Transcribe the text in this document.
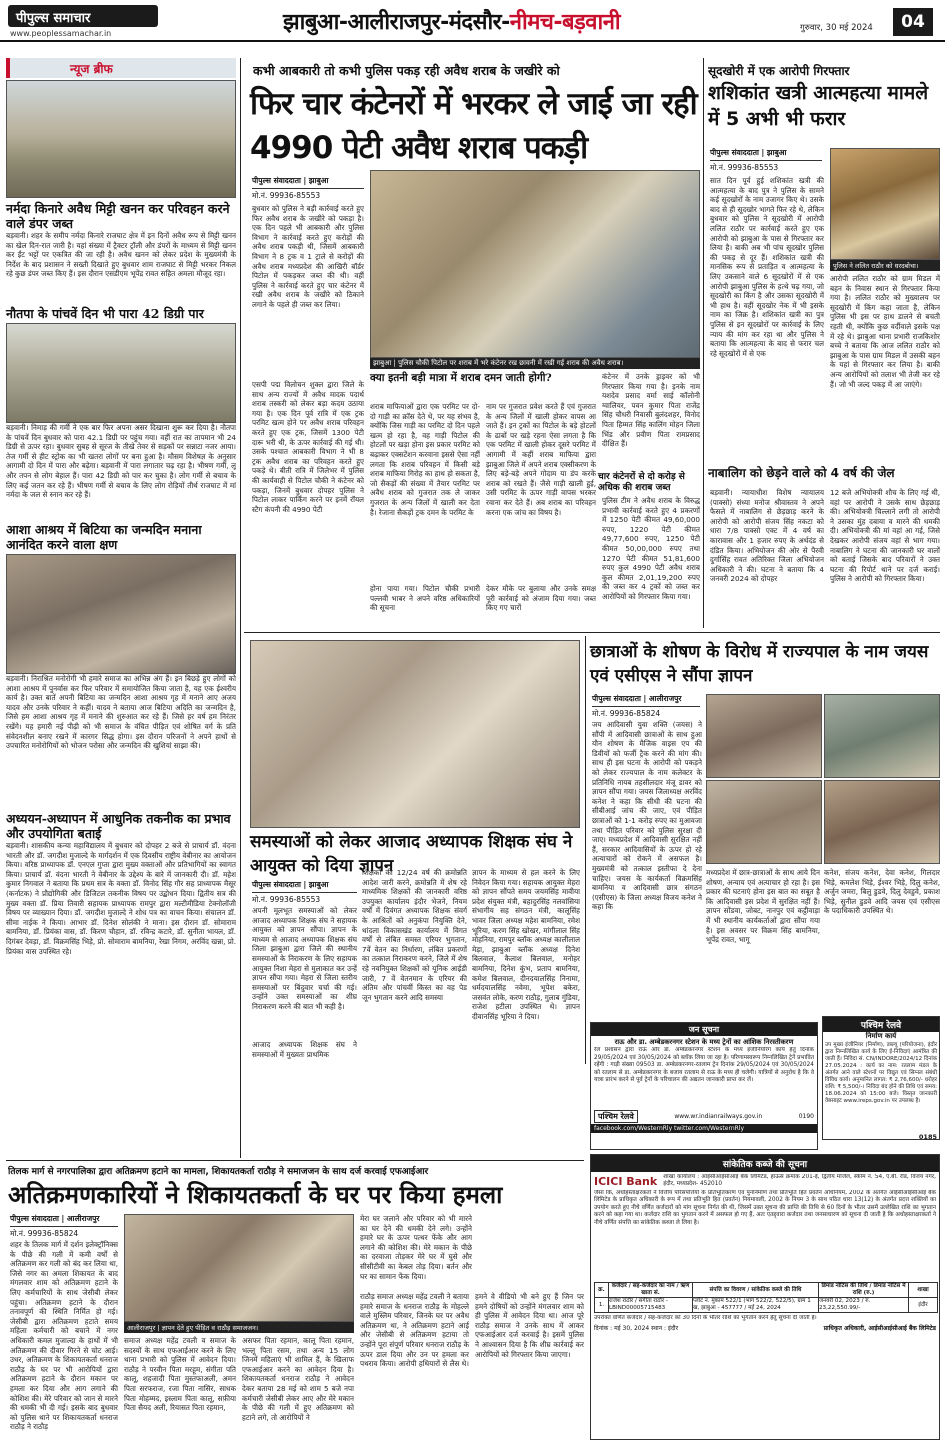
पीपुल्स समाचार
www.peoplessamachar.in	झाबुआ-आलीराजपुर-मंदसौर-नीमच-बड़वानी	गुरुवार, 30 मई 2024	04
न्यूज ब्रीफ
नर्मदा किनारे अवैध मिट्टी खनन कर परिवहन करने वाले डंपर जब्त
बड़वानी। शहर के समीप नर्मदा किनारे राजघाट क्षेत्र में इन दिनों अवैध रूप से मिट्टी खनन का खेल दिन-रात जारी है। यहां संख्या में ट्रैक्टर ट्रॉली और डंपरों के माध्यम से मिट्टी खनन कर ईंट भट्टों पर एकत्रित की जा रही है। अवैध खनन को लेकर प्रदेश के मुख्यमंत्री के निर्देश के बाद प्रशासन ने सख्ती दिखाते हुए बुधवार शाम राजघाट से मिट्टी भरकर निकल रहे कुछ डंपर जब्त किए हैं। इस दौरान एसडीएम भूपेंद्र रावत सहित अमला मौजूद रहा।
नौतपा के पांचवें दिन भी पारा 42 डिग्री पार
बड़वानी। निमाड़ की गर्मी ने एक बार फिर अपना असर दिखाना शुरू कर दिया है। नौतपा के पांचवें दिन बुधवार को पारा 42.1 डिग्री पर पहुंच गया। वहीं रात का तापमान भी 24 डिग्री से ऊपर रहा। बुधवार सुबह से सूरज के तीखे तेवर से सड़कों पर सन्नाटा नजर आया। तेज गर्मी से हीट स्ट्रोक का भी खतरा लोगों पर बना हुआ है। मौसम विशेषज्ञ के अनुसार आगामी दो दिन में पारा और बढ़ेगा। बड़वानी में पारा लगातार चढ़ रहा है। भीषण गर्मी, लू और तपन से लोग बेहाल हैं। पारा 42 डिग्री को पार कर चुका है। लोग गर्मी से बचाव के लिए कई जतन कर रहे हैं। भीषण गर्मी से बचाव के लिए लोग रोड़ियों तीर्थ राजघाट में मां नर्मदा के जल से स्नान कर रहे हैं।
आशा आश्रय में बिटिया का जन्मदिन मनाना आनंदित करने वाला क्षण
बड़वानी। निराश्रित मनोरोगी भी हमारे समाज का अभिन्न अंग हैं। इन बिछड़े हुए लोगों को आशा आश्रय में पुनर्वास कर फिर परिवार में समायोजित किया जाता है, यह एक ईश्वरीय कार्य है। उक्त बातें अपनी बिटिया का जन्मदिन आशा आश्रय गृह में मनाने आए अजय यादव और उनके परिवार ने कहीं। यादव ने बताया आज बिटिया अदिति का जन्मदिन है, जिसे हम आशा आश्रय गृह में मनाने की शुरुआत कर रहे हैं। जिसे हर वर्ष हम निरंतर रखेंगे। यह हमारी नई पीढ़ी को भी समाज के वंचित पीड़ित एवं शोषित वर्ग के प्रति संवेदनशील बनाए रखने में कारगर सिद्ध होगा। इस दौरान परिजनों ने अपने हाथों से उपचारित मनोरोगियों को भोजन परोसा और जन्मदिन की खुशियां साझा की।
अध्ययन-अध्यापन में आधुनिक तकनीक का प्रभाव और उपयोगिता बताई
बड़वानी। शासकीय कन्या महाविद्यालय में बुधवार को दोपहर 2 बजे से प्राचार्य डॉ. वंदना भारती और डॉ. जगदीश मुजाल्दे के मार्गदर्शन में एक दिवसीय राष्ट्रीय वेबीनार का आयोजन किया। वरिष्ठ प्राध्यापक डॉ. एनएल गुप्ता द्वारा मुख्य वक्ताओं और प्रतिभागियों का स्वागत किया। प्राचार्य डॉ. वंदना भारती ने वेबीनार के उद्देश्य के बारे में जानकारी दी। डॉ. महेश कुमार निगवाल ने बताया कि प्रथम सत्र के वक्ता डॉ. विनोद सिंह गौर सह प्राध्यापक मैसूर (कर्नाटक) ने प्रौद्योगिकी और डिजिटल तकनीक विषय पर उद्बोधन दिया। द्वितीय सत्र की मुख्य वक्ता डॉ. प्रिया तिवारी सहायक प्राध्यापक रामपुर द्वारा मल्टीमीडिया टेक्नोलॉजी विषय पर व्याख्यान दिया। डॉ. जगदीश मुजाल्दे ने शोध पत्र का वाचन किया। संचालन डॉ. सीमा नाईक ने किया। आभार डॉ. दिनेश सोलंकी ने माना। इस दौरान डॉ. सोमाराम बामनिया, डॉ. प्रियंका वास, डॉ. किरण चौहान, डॉ. रविन्द्र कटारे, डॉ. सुनीता भायल, डॉ. दिगंबर देवड़ा, डॉ. विक्रमसिंह भिड़े, प्रो. सोमाराम बामनिया, रेखा निगम, अरविंद खन्ना, प्रो. प्रियंका वास उपस्थित रहे।
कभी आबकारी तो कभी पुलिस पकड़ रही अवैध शराब के जखीरे को
फिर चार कंटेनरों में भरकर ले जाई जा रही 4990 पेटी अवैध शराब पकड़ी
पीपुल्स संवाददाता | झाबुआ
मो.नं. 99936-85553
बुधवार को पुलिस ने बड़ी कार्रवाई करते हुए फिर अवैध शराब के जखीरे को पकड़ा है। एक दिन पहले भी आबकारी और पुलिस विभाग ने कार्रवाई करते हुए करोड़ों की अवैध शराब पकड़ी थी, जिसमें आबकारी विभाग ने 8 ट्रक व 1 ट्राले से करोड़ों की अवैध शराब मध्यप्रदेश की आखिरी बॉर्डर पिटोल में पकड़कर जब्त की थी। वहीं पुलिस ने कार्रवाई करते हुए चार कंटेनर में रखी अवैध शराब के जखीरे को ठिकाने लगाने के पहले ही जब्त कर लिया।
झाबुआ | पुलिस चौकी पिटोल पर शराब में भरे कंटेनर रख छावनी में रखी गई शराब की अवैध शराब।
एसपी पद्म विलोचन शुक्ल द्वारा जिले के साथ अन्य राज्यों में अवैध मादक पदार्थ शराब तस्करी को लेकर बड़ा कदम उठाया गया है। एक दिन पूर्व रात्रि में एक ट्रक परमिट खत्म होने पर अवैध शराब परिवहन करते हुए एक ट्रक, जिसमें 1300 पेटी दारू भरी थी, के ऊपर कार्रवाई की गई थी। उसके पश्चात आबकारी विभाग ने भी 8 ट्रक अवैध शराब का परिवहन करते हुए पकड़े थे। बीती रात्रि में जिलेभर में पुलिस की कार्यवाही से पिटोल चौकी ने कंटेनर को पकड़ा, जिनमें बुधवार दोपहर पुलिस ने पिटोल लाकर पार्किंग करने पर इनमें रॉयल स्टैग कंपनी की 4990 पेटी
क्या इतनी बड़ी मात्रा में शराब दमन जाती होगी?
शराब माफियाओं द्वारा एक परमिट पर दो-दो गाड़ी का क्रॉस देते थे, पर यह संभव है, क्योंकि जिस गाड़ी का परमिट दो दिन पहले खत्म हो रहा है, वह गाड़ी पिटोल की होटलों पर खड़ा होना इस प्रकार परमिट को बढ़ाकर एक्सटेंशन करवाना इससे ऐसा नहीं लगता कि शराब परिवहन में किसी बड़े शराब माफिया गिरोह का हाथ हो सकता है, जो सैकड़ों की संख्या में तैयार परमिट पर अवैध शराब को गुजरात तक ले जाकर गुजरात के अन्य जिलों में खाली कर देता है। रेजाना सैकड़ों ट्रक दमन के परमिट के
नाम पर गुजरात प्रवेश करते हैं एवं गुजरात के अन्य जिलों में खाली होकर वापस आ जाते हैं। इन ट्रकों का पिटोल के बड़े होटलों के ढाबों पर खड़े रहना ऐसा लगता है कि एक परमिट में खाली होकर दूसरे परमिट में आगामी में कहीं शराब माफिया द्वारा झाबुआ जिले में अपने शराब एक्सीकरण के लिए बड़े-बड़े अपने गोदाम या डंप करके शराब को रखते हैं। जैसे गाड़ी खाली हुई, उसी परमिट के ऊपर गाड़ी वापस भरकर रवाना कर देते हैं। अब शराब का परिवहन करना एक जांच का विषय है।
होना पाया गया। पिटोल चौकी प्रभारी पल्लवी भाबर ने अपने वरिष्ठ अधिकारियों की सूचना
देकर मौके पर बुलाया और उनके समक्ष पूरी कार्रवाई को अंजाम दिया गया। जब्त किए गए चारों
कंटेनर में उनके ड्राइवर को भी गिरफ्तार किया गया है। इनके नाम यशदेव प्रसाद वर्मा साई कॉलोनी ग्वालियर, पवन कुमार पिता राजेंद्र सिंह चौधरी निवासी बुलंदशहर, विनोद पिता हिम्मत सिंह कालिंग मोहन जिला भिंड और प्रवीण पिता रामप्रसाद दीक्षित हैं।
चार कंटेनरों से दो करोड़ से अधिक की शराब जब्त
पुलिस टीम ने अवैध शराब के विरुद्ध प्रभावी कार्रवाई करते हुए 4 प्रकरणों में 1250 पेटी कीमत 49,60,000 रुपए, 1220 पेटी कीमत 49,77,600 रुपए, 1250 पेटी कीमत 50,00,000 रुपए तथा 1270 पेटी कीमत 51,81,600 रुपए कुल 4990 पेटी अवैध शराब कुल कीमत 2,01,19,200 रुपए की जब्त कर 4 ट्रकों को जब्त कर आरोपियों को गिरफ्तार किया गया।
सूदखोरी में एक आरोपी गिरफ्तार
शशिकांत खत्री आत्महत्या मामले में 5 अभी भी फरार
पीपुल्स संवाददाता | झाबुआ
मो.नं. 99936-85553
सात दिन पूर्व हुई शशिकांत खत्री की आत्महत्या के बाद पुत्र ने पुलिस के सामने कई सूदखोरों के नाम उजागर किए थे। उसके बाद से ही सूदखोर भागते फिर रहे थे, लेकिन बुधवार को पुलिस ने सूदखोरी में आरोपी ललित राठौर पर कार्रवाई करते हुए एक आरोपी को झाबुआ के पास से गिरफ्तार कर लिया है। बाकी अब भी पांच सूदखोर पुलिस की पकड़ से दूर हैं। शशिकांत खत्री की मानसिक रूप से प्रताड़ित व आत्महत्या के लिए उकसाने वाले 6 सूदखोरों में से एक आरोपी झाबुआ पुलिस के हत्थे चढ़ गया, जो सूदखोरी का किंग है और उसका सूदखोरी में भी हाथ है। वहीं सूदखोर नेक में भी इसके नाम का जिक्र है। शशिकांत खत्री का पुत्र पुलिस से इन सूदखोरों पर कार्रवाई के लिए न्याय की मांग कर रहा था और पुलिस ने बताया कि आत्महत्या के बाद से फरार चल रहे सूदखोरों में से एक
पुलिस ने ललित राठौर को धरदबोचा।
आरोपी ललित राठौर को ग्राम मिडल में बहन के निवास स्थान से गिरफ्तार किया गया है। ललित राठौर को मुख्यालय पर सूदखोरी में किंग कहा जाता है, लेकिन पुलिस भी इस पर हाथ डालने से बचती रहती थी, क्योंकि कुछ वर्दीवाले इसके पक्ष में रहे थे। झाबुआ थाना प्रभारी राजकिशोर बच्चे ने बताया कि आज ललित राठौर को झाबुआ के पास ग्राम मिडल में उसकी बहन के यहां से गिरफ्तार कर लिया है। बाकी अन्य आरोपियों को तलाश भी तेजी कर रहे हैं। जो भी जल्द पकड़ में आ जाएंगे।
नाबालिग को छेड़ने वाले को 4 वर्ष की जेल
बड़वानी। न्यायाधीश विशेष न्यायालय (पाक्सो) संध्या मनोज श्रीवास्तव ने अपने फैसले में नाबालिग से छेड़छाड़ करने के आरोपी को आरोपी संजय सिंह नकटा को धारा 7/8 पाक्सो एक्ट में 4 वर्ष का कारावास और 1 हजार रुपए के अर्थदंड से दंडित किया। अभियोजन की ओर से पैरवी दुर्गासिंह रावत अतिरिक्त जिला अभियोजन अधिकारी ने की। घटना ने बताया कि 4 जनवरी 2024 को दोपहर
12 बजे अभियोक्त्री शौच के लिए गई थी, वहां पर आरोपी ने उसके साथ छेड़छाड़ की। अभियोक्त्री चिल्लाने लगी तो आरोपी ने उसका मुंह दबाया व मारने की धमकी दी। अभियोक्त्री की मां वहां आ गई, जिसे देखकर आरोपी संजय वहां से भाग गया। नाबालिग ने घटना की जानकारी घर वालों को बताई जिसके बाद परिवारों ने उक्त घटना की रिपोर्ट थाने पर दर्ज कराई। पुलिस ने आरोपी को गिरफ्तार किया।
समस्याओं को लेकर आजाद अध्यापक शिक्षक संघ ने आयुक्त को दिया ज्ञापन
पीपुल्स संवाददाता | झाबुआ
मो.नं. 99936-85553
अपनी मूलभूत समस्याओं को लेकर आजाद अध्यापक शिक्षक संघ ने सहायक आयुक्त को ज्ञापन सौंपा। ज्ञापन के माध्यम से आजाद अध्यापक शिक्षक संघ जिला झाबुआ द्वारा जिले की स्थानीय समस्याओं के निराकरण के लिए सहायक आयुक्त निशा मेहरा से मुलाकात कर उन्हें ज्ञापन सौंपा गया। मेहरा से जिला स्तरीय समस्याओं पर बिंदुवार चर्चा की गई। उन्होंने उक्त समस्याओं का शीघ्र निराकरण करने की बात भी कही है।
आजाद अध्यापक शिक्षक संघ ने समस्याओं में मुख्यतः प्राथमिक
शिक्षकों की 12/24 वर्ष की क्रमोन्नति आदेश जारी करने, क्रमोन्नति में शेष रहे माध्यमिक शिक्षकों की जानकारी वरिष्ठ उपयुक्त कार्यालय इंदौर भेजने, नियम वर्षों में दिवंगत अध्यापक शिक्षक संवर्ग के आश्रितों को अनुकंपा नियुक्ति देने, थांदला विकासखंड कार्यालय में विगत वर्षों से लंबित समस्त एरियर भुगतान, 7वें वेतन का निर्धारण, लंबित प्रकरणों का तत्काल निराकरण करने, जिले में शेष रहे नवनियुक्त शिक्षकों को यूनिक आईडी जारी, 7 वें वेतनमान के एरियर की अंतिम और पांचवीं किस्त का वह पेड जून भुगतान करने आदि समस्या
ज्ञापन के माध्यम से हल करने के लिए निवेदन किया गया। सहायक आयुक्त मेहरा को ज्ञापन सौंपते समय जयमसिंह मावीया प्रदेश संयुक्त मंत्री, बहादुरसिंह नलवांसिया संभागीय सह संगठन मंत्री, कालूसिंह भावर जिला अध्यक्ष महेश बामनिया, रमेश भूरिया, करण सिंह खोखर, मांगीलाल सिंह मोहनिया, रामपुर ब्लॉक अध्यक्ष कालीलाल मेड़ा, झाबुआ ब्लॉक अध्यक्ष दिनेश बिलवाल, कैलाश बिलवाल, मनोहर बामनिया, दिनेश कुंभ, प्रताप बामनिया, कमेश बिलवाल, दीनदयालसिंह निनामा, धर्मदयालसिंह नवेमा, भूपेश बकेरा, जसवंत लोके, करण राठौड़, गुलाब गुंडिया, राजेश हटीला उपस्थित थे। ज्ञापन दीवानसिंह भूरिया ने दिया।
छात्राओं के शोषण के विरोध में राज्यपाल के नाम जयस एवं एसीएस ने सौंपा ज्ञापन
पीपुल्स संवाददाता | आलीराजपुर
मो.नं. 99936-85824
जय आदिवासी युवा शक्ति (जयस) ने सौंपी में आदिवासी छात्राओं के साथ हुआ यौन शोषण के मैजिक वाइस एप की डिवीयों को फर्जी ट्रैक करने की मांग की। साथ ही इस घटना के आरोपी को पकड़ने को लेकर राज्यपाल के नाम कलेक्टर के प्रतिनिधि नायब तहसीलदार मंजू डावर को ज्ञापन सौंपा गया। जयस जिलाध्यक्ष अरविंद कनेश ने कहा कि सीधी की घटना की सीबीआई जांच की जाए, एवं पीड़ित छात्राओं को 1-1 करोड़ रुपए का मुआवजा तथा पीड़ित परिवार को पुलिस सुरक्षा दी जाए। मध्यप्रदेश में आदिवासी सुरक्षित नहीं हैं, सरकार आदिवासियों के ऊपर हो रहे अत्याचारों को रोकने में असफल है। मुख्यमंत्री को तत्काल इस्तीफा दे देना चाहिए। जयस के कार्यकर्ता विक्रमसिंह बामनिया व आदिवासी छात्र संगठन (एसीएस) के जिला अध्यक्ष विजय कनेश ने कहा कि
मध्यप्रदेश में छात्र-छात्राओं के साथ आये दिन शोषण, अन्याय एवं अत्याचार हो रहा है। इस प्रकार की घटनाएं होना इस बात का सबूत है कि आदिवासी इस प्रदेश में सुरक्षित नहीं हैं। ज्ञापन सोंडवा, जोबट, नानपुर एवं कट्ठीवाड़ा में भी स्थानीय कार्यकर्ताओं द्वारा सौंपा गया है। इस अवसर पर विक्रम सिंह बामनिया, भूपेंद्र रावत, भागू
कनेश, संजय कनेश, देवा कनेश, गिलदार भिड़े, कमलेश भिड़े, ईश्वर भिड़े, दिलु कनेश, अर्जुन जमरा, बिलु डुडवे, दिलु देवडुवे, प्रकाश भिड़े, सुनील डुडवे आदि जयस एवं एसीएस के पदाधिकारी उपस्थित थे।
पश्चिम रेलवे
निर्माण कार्य
उप मुख्य इंजीनियर (निर्माण), डब्ल्यू (परियोजना), इंदौर द्वारा निम्नलिखित कार्य के लिए ई-निविदाएं आमंत्रित की जाती हैं। निविदा सं. CN/INDORE/2024/12 दिनांक 27.05.2024 : कार्य का नाम: रतलाम मंडल के अंतर्गत आने वाले स्टेशनों पर विद्युत एवं सिग्नल संबंधी विविध कार्य। अनुमानित लागत: ₹ 2,76,600/- धरोहर राशि: ₹ 5,500/-। निविदा बंद होने की तिथि एवं समय: 18.06.2024 को 15:00 बजे। विस्तृत जानकारी वेबसाइट www.ireps.gov.in पर उपलब्ध है।
0185
जन सूचना
राऊ और डा. अम्बेडकरनगर स्टेशन के मध्य ट्रेनों का आंशिक निरस्तीकरण
रेल प्रशासन द्वारा राऊ और डा. अम्बेडकरनगर स्टेशन के मध्य इंजीनियरिंग कार्य हेतु दिनांक 29/05/2024 एवं 30/05/2024 को ब्लॉक लिया जा रहा है। परिणामस्वरूप निम्नलिखित ट्रेनें प्रभावित रहेंगी : गाड़ी संख्या 09503 डा. अम्बेडकरनगर-रतलाम ट्रेन दिनांक 29/05/2024 एवं 30/05/2024 को रतलाम से डा. अम्बेडकरनगर के बजाय रतलाम से राऊ के मध्य ही चलेगी। यात्रियों से अनुरोध है कि वे यात्रा प्रारंभ करने से पूर्व ट्रेनों के परिचालन की अद्यतन जानकारी प्राप्त कर लें।
पश्चिम रेलवे	www.wr.indianrailways.gov.in	0190
facebook.com/WesternRly twitter.com/WesternRly
तिलक मार्ग से नगरपालिका द्वारा अतिक्रमण हटाने का मामला, शिकायतकर्ता राठौड़ ने समाजजन के साथ दर्ज करवाई एफआईआर
अतिक्रमणकारियों ने शिकायतकर्ता के घर पर किया हमला
पीपुल्स संवाददाता | आलीराजपुर
मो.नं. 99936-85824
शहर के तिलक मार्ग में दर्शन इलेक्ट्रॉनिक्स के पीछे की गली में कमी वर्षों से अतिक्रमण कर गली को बंद कर लिया था, जिसे नगर का अमला शिकायत के बाद मंगलवार शाम को अतिक्रमण हटाने के लिए कर्मचारियों के साथ जेसीबी लेकर पहुंचा। अतिक्रमण हटाने के दौरान तनावपूर्ण की स्थिति निर्मित हो गई। जेसीबी द्वारा अतिक्रमण हटाते समय महिला कर्मचारी को बचाने में नगर अधिकारी कमल मुजाल्दा के हाथों में भी अतिक्रमण की दीवार गिरने से चोट आई। उधर, अतिक्रमण के शिकायतकर्ता धनराज राठौड़ के घर पर भी आरोपियों द्वारा अतिक्रमण हटाने के दौरान मकान पर हमला कर दिया और आग लगाने की कोशिश की। मेरे परिवार को जान से मारने की धमकी भी दी गई। इसके बाद बुधवार को पुलिस थाने पर शिकायतकर्ता धनराज राठौड़ ने राठौड़
आलीराजपुर | ज्ञापन देते हुए पीड़ित व राठौड़ समाजजन।
समाज अध्यक्ष महेंद्र टवली व समाज के सदस्यों के साथ एफआईआर करने के लिए थाना प्रभारी को पुलिस में आवेदन दिया। राठौड़ ने परवीन पिता मरहूम, संगीता पति कालू, शहजादी पिता मुस्तफाअली, अमन पिता सरफराज, रजा पिता नासिर, साधक पिता मोहम्मद, इस्लाम पिता कालू, सफ़ीया पिता सैयद अली, रियासत पिता रहमान,
असफर पिता रहमान, कालू पिता रहमान, भल्लू पिता रसम, तथा अन्य 15 लोग जिनमें महिलाएं भी शामिल हैं, के खिलाफ एफआईआर करने का आवेदन दिया है। शिकायतकर्ता धनराज राठौड़ ने आवेदन देकर बताया 28 मई को शाम 5 बजे नपा कर्मचारी जेसीबी लेकर आए और मेरे मकान के पीछे की गली में हुए अतिक्रमण को हटाने लगे, तो आरोपियों ने
मेरा घर जलाने और परिवार को भी मारने का घर देने की धमकी देने लगे। उन्होंने हमारे घर के ऊपर पत्थर फेंके और आग लगाने की कोशिश की। मेरे मकान के पीछे का दरवाजा तोड़कर मेरे घर में घुसे और सीसीटीवी का केबल तोड़ दिया। बर्तन और घर का सामान फेंक दिया।
राठौड़ समाज अध्यक्ष महेंद्र टवली ने बताया हमारे समाज के धनराज राठौड़ के मोहल्ले वाले मुस्लिम परिवार, जिनके घर पर अवैध अतिक्रमण था, ने अतिक्रमण हटाने आई और जेसीबी से अतिक्रमण हटाया तो उन्होंने पूरा संपूर्ण परिवार धनराज राठौड़ के ऊपर डाल दिया और उन पर हमला कर पथराव किया। आरोपी हथियारों से लैस थे। हमने वे वीडियो भी बने हुए हैं जिन पर हमने दोषियों को उन्होंने मंगलवार शाम को ही पुलिस में आवेदन दिया था। आज पूरे राठौड़ समाज ने उनके साथ में आकर एफआईआर दर्ज करवाई है। इसमें पुलिस ने आश्वासन दिया है कि शीघ्र कार्रवाई कर आरोपियों को गिरफ्तार किया जाएगा।
सांकेतिक कब्जे की सूचना
ICICI Bank शाखा कार्यालय : आईसीआईसीआई बैंक लिमिटेड, हाऊस क्रमांक 201-ई, द्वितीय मंजिल, स्कीम नं. 54, ए.बी. रोड, विजय नगर, इंदौर, मध्यप्रदेश- 452010
जैसा कि, अधोहस्ताक्षरकर्ता ने वित्तीय परिसंपत्तियों के प्रतिभूतिकरण एवं पुनर्निर्माण तथा प्रतिभूति हित प्रवर्तन अधिनियम, 2002 के अंतर्गत आईसीआईसीआई बैंक लिमिटेड के प्राधिकृत अधिकारी के रूप में तथा प्रतिभूति हित (प्रवर्तन) नियमावली, 2002 के नियम 3 के साथ पठित धारा 13(12) के अंतर्गत प्रदत्त शक्तियों का उपयोग करते हुए नीचे वर्णित कर्जदारों को मांग सूचना निर्गत की थी, जिसमें उक्त सूचना की प्राप्ति की तिथि से 60 दिनों के भीतर उसमें उल्लेखित राशि का भुगतान करने को कहा गया था। कर्जदार राशि का भुगतान करने में असफल हो गए हैं, अतः एतद्द्वारा कर्जदार तथा जनसाधारण को सूचना दी जाती है कि अधोहस्ताक्षरकर्ता ने नीचे वर्णित संपत्ति का सांकेतिक कब्जा ले लिया है।
क्र.	कर्जदार / सह-कर्जदार का नाम / ऋण खाता सं.	संपत्ति का विवरण / सांकेतिक कब्जे की तिथि	डिमांड नोटिस की तिथि / डिमांड नोटिस में राशि (रु.)	शाखा
1.	राजेश राठौर / संगीता राठौर - LBIND00005715483	प्लॉट नं. मुकाम 522/1 (भाग 522/2, 522/5), ग्राम 1 ख, झाबुआ - 457777 / मई 24, 2024	जनवरी 02, 2023 / रु. 23,22,550.99/-	इंदौर
उपरोक्त वर्णित कर्जदार / सह-कर्जदार को 30 दिनों के भीतर राशि का भुगतान करने हेतु सूचना दी जाती है।
दिनांक : मई 30, 2024 स्थान : इंदौर	प्राधिकृत अधिकारी, आईसीआईसीआई बैंक लिमिटेड
